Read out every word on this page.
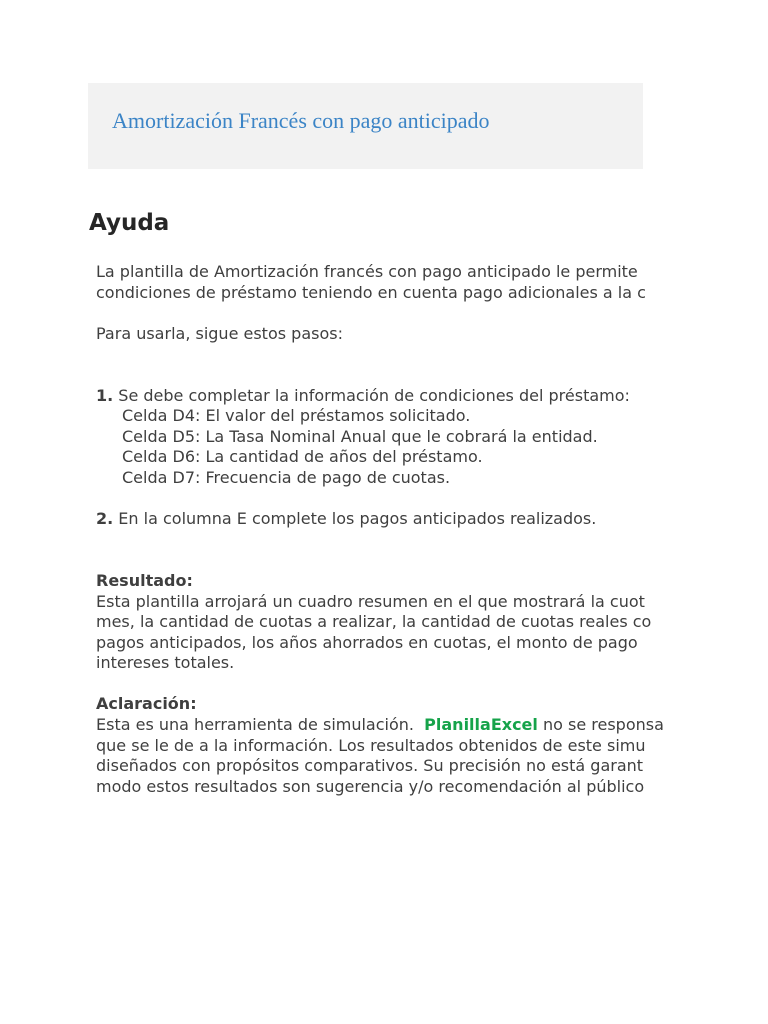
Amortización Francés con pago anticipado
Ayuda
La plantilla de Amortización francés con pago anticipado le permite
condiciones de préstamo teniendo en cuenta pago adicionales a la c
Para usarla, sigue estos pasos:
1. Se debe completar la información de condiciones del préstamo:
Celda D4: El valor del préstamos solicitado.
Celda D5: La Tasa Nominal Anual que le cobrará la entidad.
Celda D6: La cantidad de años del préstamo.
Celda D7: Frecuencia de pago de cuotas.
2. En la columna E complete los pagos anticipados realizados.
Resultado:
Esta plantilla arrojará un cuadro resumen en el que mostrará la cuot
mes, la cantidad de cuotas a realizar, la cantidad de cuotas reales co
pagos anticipados, los años ahorrados en cuotas, el monto de pago
intereses totales.
Aclaración:
Esta es una herramienta de simulación.  PlanillaExcel no se responsa
que se le de a la información. Los resultados obtenidos de este simu
diseñados con propósitos comparativos. Su precisión no está garant
modo estos resultados son sugerencia y/o recomendación al público
